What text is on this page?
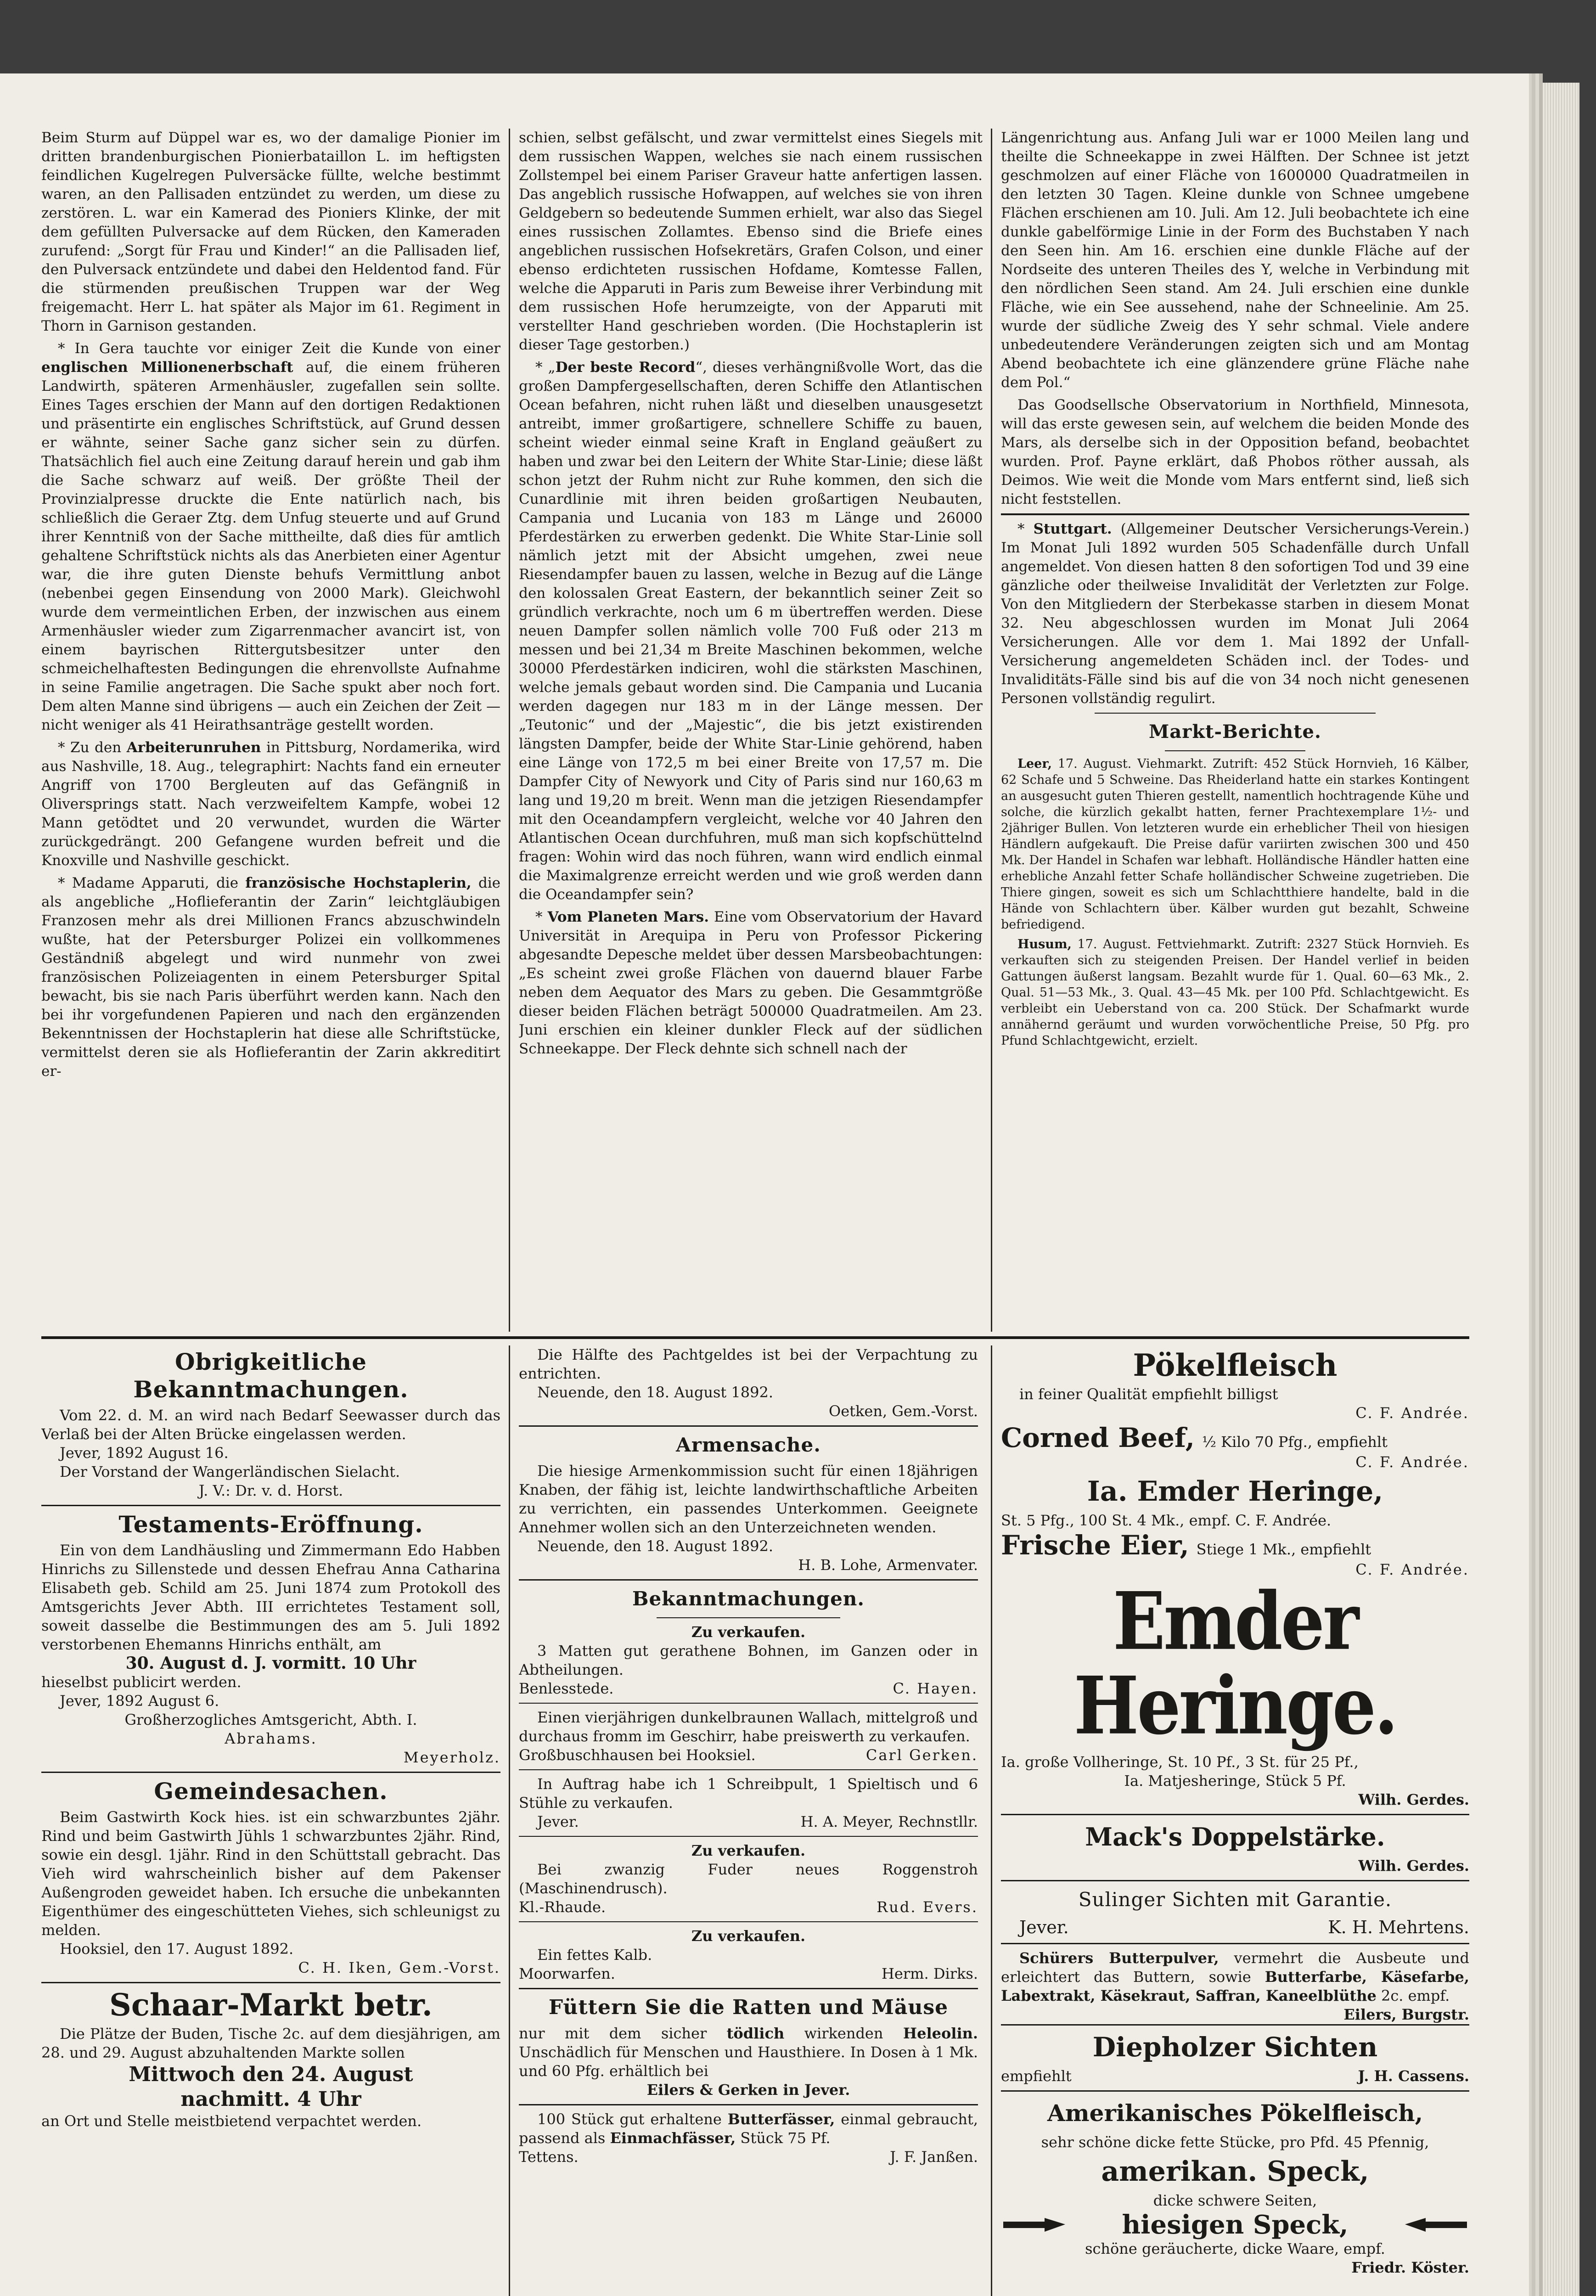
Beim Sturm auf Düppel war es, wo der damalige Pionier im dritten brandenburgischen Pionierbataillon L. im heftigsten feindlichen Kugelregen Pulversäcke füllte, welche bestimmt waren, an den Pallisaden entzündet zu werden, um diese zu zerstören. L. war ein Kamerad des Pioniers Klinke, der mit dem gefüllten Pulversacke auf dem Rücken, den Kameraden zurufend: „Sorgt für Frau und Kinder!“ an die Pallisaden lief, den Pulversack entzündete und dabei den Heldentod fand. Für die stürmenden preußischen Truppen war der Weg freigemacht. Herr L. hat später als Major im 61. Regiment in Thorn in Garnison gestanden.

* In Gera tauchte vor einiger Zeit die Kunde von einer englischen Millionenerbschaft auf, die einem früheren Landwirth, späteren Armenhäusler, zugefallen sein sollte. Eines Tages erschien der Mann auf den dortigen Redaktionen und präsentirte ein englisches Schriftstück, auf Grund dessen er wähnte, seiner Sache ganz sicher sein zu dürfen. Thatsächlich fiel auch eine Zeitung darauf herein und gab ihm die Sache schwarz auf weiß. Der größte Theil der Provinzialpresse druckte die Ente natürlich nach, bis schließlich die Geraer Ztg. dem Unfug steuerte und auf Grund ihrer Kenntniß von der Sache mittheilte, daß dies für amtlich gehaltene Schriftstück nichts als das Anerbieten einer Agentur war, die ihre guten Dienste behufs Vermittlung anbot (nebenbei gegen Einsendung von 2000 Mark). Gleichwohl wurde dem vermeintlichen Erben, der inzwischen aus einem Armenhäusler wieder zum Zigarrenmacher avancirt ist, von einem bayrischen Rittergutsbesitzer unter den schmeichelhaftesten Bedingungen die ehrenvollste Aufnahme in seine Familie angetragen. Die Sache spukt aber noch fort. Dem alten Manne sind übrigens — auch ein Zeichen der Zeit — nicht weniger als 41 Heirathsanträge gestellt worden.

* Zu den Arbeiterunruhen in Pittsburg, Nordamerika, wird aus Nashville, 18. Aug., telegraphirt: Nachts fand ein erneuter Angriff von 1700 Bergleuten auf das Gefängniß in Oliversprings statt. Nach verzweifeltem Kampfe, wobei 12 Mann getödtet und 20 verwundet, wurden die Wärter zurückgedrängt. 200 Gefangene wurden befreit und die Knoxville und Nashville geschickt.

* Madame Apparuti, die französische Hochstaplerin, die als angebliche „Hoflieferantin der Zarin“ leichtgläubigen Franzosen mehr als drei Millionen Francs abzuschwindeln wußte, hat der Petersburger Polizei ein vollkommenes Geständniß abgelegt und wird nunmehr von zwei französischen Polizeiagenten in einem Petersburger Spital bewacht, bis sie nach Paris überführt werden kann. Nach den bei ihr vorgefundenen Papieren und nach den ergänzenden Bekenntnissen der Hochstaplerin hat diese alle Schriftstücke, vermittelst deren sie als Hoflieferantin der Zarin akkreditirt er-

schien, selbst gefälscht, und zwar vermittelst eines Siegels mit dem russischen Wappen, welches sie nach einem russischen Zollstempel bei einem Pariser Graveur hatte anfertigen lassen. Das angeblich russische Hofwappen, auf welches sie von ihren Geldgebern so bedeutende Summen erhielt, war also das Siegel eines russischen Zollamtes. Ebenso sind die Briefe eines angeblichen russischen Hofsekretärs, Grafen Colson, und einer ebenso erdichteten russischen Hofdame, Komtesse Fallen, welche die Apparuti in Paris zum Beweise ihrer Verbindung mit dem russischen Hofe herumzeigte, von der Apparuti mit verstellter Hand geschrieben worden. (Die Hochstaplerin ist dieser Tage gestorben.)

* „Der beste Record“, dieses verhängnißvolle Wort, das die großen Dampfergesellschaften, deren Schiffe den Atlantischen Ocean befahren, nicht ruhen läßt und dieselben unausgesetzt antreibt, immer großartigere, schnellere Schiffe zu bauen, scheint wieder einmal seine Kraft in England geäußert zu haben und zwar bei den Leitern der White Star-Linie; diese läßt schon jetzt der Ruhm nicht zur Ruhe kommen, den sich die Cunardlinie mit ihren beiden großartigen Neubauten, Campania und Lucania von 183 m Länge und 26000 Pferdestärken zu erwerben gedenkt. Die White Star-Linie soll nämlich jetzt mit der Absicht umgehen, zwei neue Riesendampfer bauen zu lassen, welche in Bezug auf die Länge den kolossalen Great Eastern, der bekanntlich seiner Zeit so gründlich verkrachte, noch um 6 m übertreffen werden. Diese neuen Dampfer sollen nämlich volle 700 Fuß oder 213 m messen und bei 21,34 m Breite Maschinen bekommen, welche 30000 Pferdestärken indiciren, wohl die stärksten Maschinen, welche jemals gebaut worden sind. Die Campania und Lucania werden dagegen nur 183 m in der Länge messen. Der „Teutonic“ und der „Majestic“, die bis jetzt existirenden längsten Dampfer, beide der White Star-Linie gehörend, haben eine Länge von 172,5 m bei einer Breite von 17,57 m. Die Dampfer City of Newyork und City of Paris sind nur 160,63 m lang und 19,20 m breit. Wenn man die jetzigen Riesendampfer mit den Oceandampfern vergleicht, welche vor 40 Jahren den Atlantischen Ocean durchfuhren, muß man sich kopfschüttelnd fragen: Wohin wird das noch führen, wann wird endlich einmal die Maximalgrenze erreicht werden und wie groß werden dann die Oceandampfer sein?

* Vom Planeten Mars. Eine vom Observatorium der Havard Universität in Arequipa in Peru von Professor Pickering abgesandte Depesche meldet über dessen Marsbeobachtungen: „Es scheint zwei große Flächen von dauernd blauer Farbe neben dem Aequator des Mars zu geben. Die Gesammtgröße dieser beiden Flächen beträgt 500000 Quadratmeilen. Am 23. Juni erschien ein kleiner dunkler Fleck auf der südlichen Schneekappe. Der Fleck dehnte sich schnell nach der

Längenrichtung aus. Anfang Juli war er 1000 Meilen lang und theilte die Schneekappe in zwei Hälften. Der Schnee ist jetzt geschmolzen auf einer Fläche von 1600000 Quadratmeilen in den letzten 30 Tagen. Kleine dunkle von Schnee umgebene Flächen erschienen am 10. Juli. Am 12. Juli beobachtete ich eine dunkle gabelförmige Linie in der Form des Buchstaben Y nach den Seen hin. Am 16. erschien eine dunkle Fläche auf der Nordseite des unteren Theiles des Y, welche in Verbindung mit den nördlichen Seen stand. Am 24. Juli erschien eine dunkle Fläche, wie ein See aussehend, nahe der Schneelinie. Am 25. wurde der südliche Zweig des Y sehr schmal. Viele andere unbedeutendere Veränderungen zeigten sich und am Montag Abend beobachtete ich eine glänzendere grüne Fläche nahe dem Pol.“

Das Goodsellsche Observatorium in Northfield, Minnesota, will das erste gewesen sein, auf welchem die beiden Monde des Mars, als derselbe sich in der Opposition befand, beobachtet wurden. Prof. Payne erklärt, daß Phobos röther aussah, als Deimos. Wie weit die Monde vom Mars entfernt sind, ließ sich nicht feststellen.

* Stuttgart. (Allgemeiner Deutscher Versicherungs-Verein.) Im Monat Juli 1892 wurden 505 Schadenfälle durch Unfall angemeldet. Von diesen hatten 8 den sofortigen Tod und 39 eine gänzliche oder theilweise Invalidität der Verletzten zur Folge. Von den Mitgliedern der Sterbekasse starben in diesem Monat 32. Neu abgeschlossen wurden im Monat Juli 2064 Versicherungen. Alle vor dem 1. Mai 1892 der Unfall-Versicherung angemeldeten Schäden incl. der Todes- und Invaliditäts-Fälle sind bis auf die von 34 noch nicht genesenen Personen vollständig regulirt.

Markt-Berichte.

Leer, 17. August. Viehmarkt. Zutrift: 452 Stück Hornvieh, 16 Kälber, 62 Schafe und 5 Schweine. Das Rheiderland hatte ein starkes Kontingent an ausgesucht guten Thieren gestellt, namentlich hochtragende Kühe und solche, die kürzlich gekalbt hatten, ferner Prachtexemplare 1½- und 2jähriger Bullen. Von letzteren wurde ein erheblicher Theil von hiesigen Händlern aufgekauft. Die Preise dafür variirten zwischen 300 und 450 Mk. Der Handel in Schafen war lebhaft. Holländische Händler hatten eine erhebliche Anzahl fetter Schafe holländischer Schweine zugetrieben. Die Thiere gingen, soweit es sich um Schlachtthiere handelte, bald in die Hände von Schlachtern über. Kälber wurden gut bezahlt, Schweine befriedigend.

Husum, 17. August. Fettviehmarkt. Zutrift: 2327 Stück Hornvieh. Es verkauften sich zu steigenden Preisen. Der Handel verlief in beiden Gattungen äußerst langsam. Bezahlt wurde für 1. Qual. 60—63 Mk., 2. Qual. 51—53 Mk., 3. Qual. 43—45 Mk. per 100 Pfd. Schlachtgewicht. Es verbleibt ein Ueberstand von ca. 200 Stück. Der Schafmarkt wurde annähernd geräumt und wurden vorwöchentliche Preise, 50 Pfg. pro Pfund Schlachtgewicht, erzielt.

Obrigkeitliche Bekanntmachungen.

Vom 22. d. M. an wird nach Bedarf Seewasser durch das Verlaß bei der Alten Brücke eingelassen werden.

Jever, 1892 August 16.

Der Vorstand der Wangerländischen Sielacht.

J. V.: Dr. v. d. Horst.

Testaments-Eröffnung.

Ein von dem Landhäusling und Zimmermann Edo Habben Hinrichs zu Sillenstede und dessen Ehefrau Anna Catharina Elisabeth geb. Schild am 25. Juni 1874 zum Protokoll des Amtsgerichts Jever Abth. III errichtetes Testament soll, soweit dasselbe die Bestimmungen des am 5. Juli 1892 verstorbenen Ehemanns Hinrichs enthält, am

30. August d. J. vormitt. 10 Uhr

hieselbst publicirt werden.

Jever, 1892 August 6.

Großherzogliches Amtsgericht, Abth. I.

Abrahams.

Meyerholz.

Gemeindesachen.

Beim Gastwirth Kock hies. ist ein schwarzbuntes 2jähr. Rind und beim Gastwirth Jühls 1 schwarzbuntes 2jähr. Rind, sowie ein desgl. 1jähr. Rind in den Schüttstall gebracht. Das Vieh wird wahrscheinlich bisher auf dem Pakenser Außengroden geweidet haben. Ich ersuche die unbekannten Eigenthümer des eingeschütteten Viehes, sich schleunigst zu melden.

Hooksiel, den 17. August 1892.

C. H. Iken, Gem.-Vorst.

Schaar-Markt betr.

Die Plätze der Buden, Tische 2c. auf dem diesjährigen, am 28. und 29. August abzuhaltenden Markte sollen

Mittwoch den 24. August

nachmitt. 4 Uhr

an Ort und Stelle meistbietend verpachtet werden.

Die Hälfte des Pachtgeldes ist bei der Verpachtung zu entrichten.

Neuende, den 18. August 1892.

Oetken, Gem.-Vorst.

Armensache.

Die hiesige Armenkommission sucht für einen 18jährigen Knaben, der fähig ist, leichte landwirthschaftliche Arbeiten zu verrichten, ein passendes Unterkommen. Geeignete Annehmer wollen sich an den Unterzeichneten wenden.

Neuende, den 18. August 1892.

H. B. Lohe, Armenvater.

Bekanntmachungen.

Zu verkaufen.

3 Matten gut gerathene Bohnen, im Ganzen oder in Abtheilungen.

Benlesstede.	C. Hayen.

Einen vierjährigen dunkelbraunen Wallach, mittelgroß und durchaus fromm im Geschirr, habe preiswerth zu verkaufen.

Großbuschhausen bei Hooksiel.	Carl Gerken.

In Auftrag habe ich 1 Schreibpult, 1 Spieltisch und 6 Stühle zu verkaufen.

Jever.	H. A. Meyer, Rechnstllr.

Zu verkaufen.

Bei zwanzig Fuder neues Roggenstroh (Maschinendrusch).

Kl.-Rhaude.	Rud. Evers.

Zu verkaufen.

Ein fettes Kalb.

Moorwarfen.	Herm. Dirks.
Füttern Sie die Ratten und Mäuse

nur mit dem sicher tödlich wirkenden Heleolin. Unschädlich für Menschen und Hausthiere. In Dosen à 1 Mk. und 60 Pfg. erhältlich bei

Eilers & Gerken in Jever.

100 Stück gut erhaltene Butterfässer, einmal gebraucht, passend als Einmachfässer, Stück 75 Pf.

Tettens.	J. F. Janßen.
Pökelfleisch

in feiner Qualität empfiehlt billigst

C. F. Andrée.

Corned Beef, ½ Kilo 70 Pfg., empfiehlt

C. F. Andrée.

Ia. Emder Heringe,

St. 5 Pfg., 100 St. 4 Mk., empf. C. F. Andrée.

Frische Eier, Stiege 1 Mk., empfiehlt

C. F. Andrée.

Emder Heringe.

Ia. große Vollheringe, St. 10 Pf., 3 St. für 25 Pf.,

Ia. Matjesheringe, Stück 5 Pf.

Wilh. Gerdes.

Mack's Doppelstärke.

Wilh. Gerdes.

Sulinger Sichten mit Garantie.
Jever.	K. H. Mehrtens.

Schürers Butterpulver, vermehrt die Ausbeute und erleichtert das Buttern, sowie Butterfarbe, Käsefarbe, Labextrakt, Käsekraut, Saffran, Kaneelblüthe 2c. empf.
Eilers, Burgstr.

Diepholzer Sichten
empfiehlt	J. H. Cassens.
Amerikanisches Pökelfleisch,

sehr schöne dicke fette Stücke, pro Pfd. 45 Pfennig,

amerikan. Speck,

dicke schwere Seiten,

hiesigen Speck,

schöne geräucherte, dicke Waare, empf.

Friedr. Köster.
